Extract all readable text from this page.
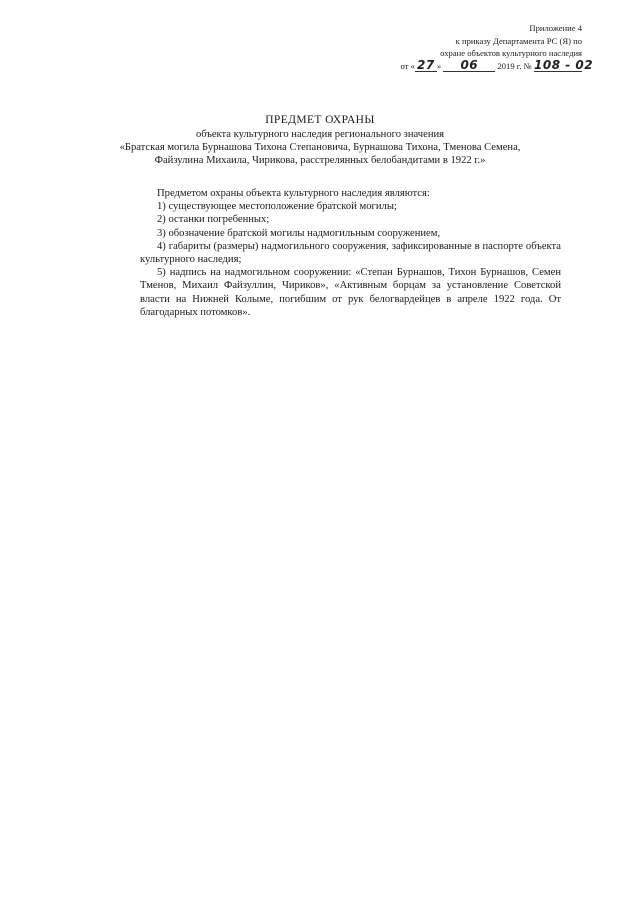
Приложение 4
к приказу Департамента РС (Я) по
охране объектов культурного наследия
от « 27 » 06 2019 г. № 108 - 02
ПРЕДМЕТ ОХРАНЫ
объекта культурного наследия регионального значения
«Братская могила Бурнашова Тихона Степановича, Бурнашова Тихона, Тменова Семена,
Файзулина Михаила, Чирикова, расстрелянных белобандитами в 1922 г.»

Предметом охраны объекта культурного наследия являются:

1) существующее местоположение братской могилы;

2) останки погребенных;

3) обозначение братской могилы надмогильным сооружением,

4) габариты (размеры) надмогильного сооружения, зафиксированные в паспорте объекта культурного наследия;

5) надпись на надмогильном сооружении: «Степан Бурнашов, Тихон Бурнашов, Семен Тменов, Михаил Файзуллин, Чириков», «Активным борцам за установление Советской власти на Нижней Колыме, погибшим от рук белогвардейцев в апреле 1922 года. От благодарных потомков».
